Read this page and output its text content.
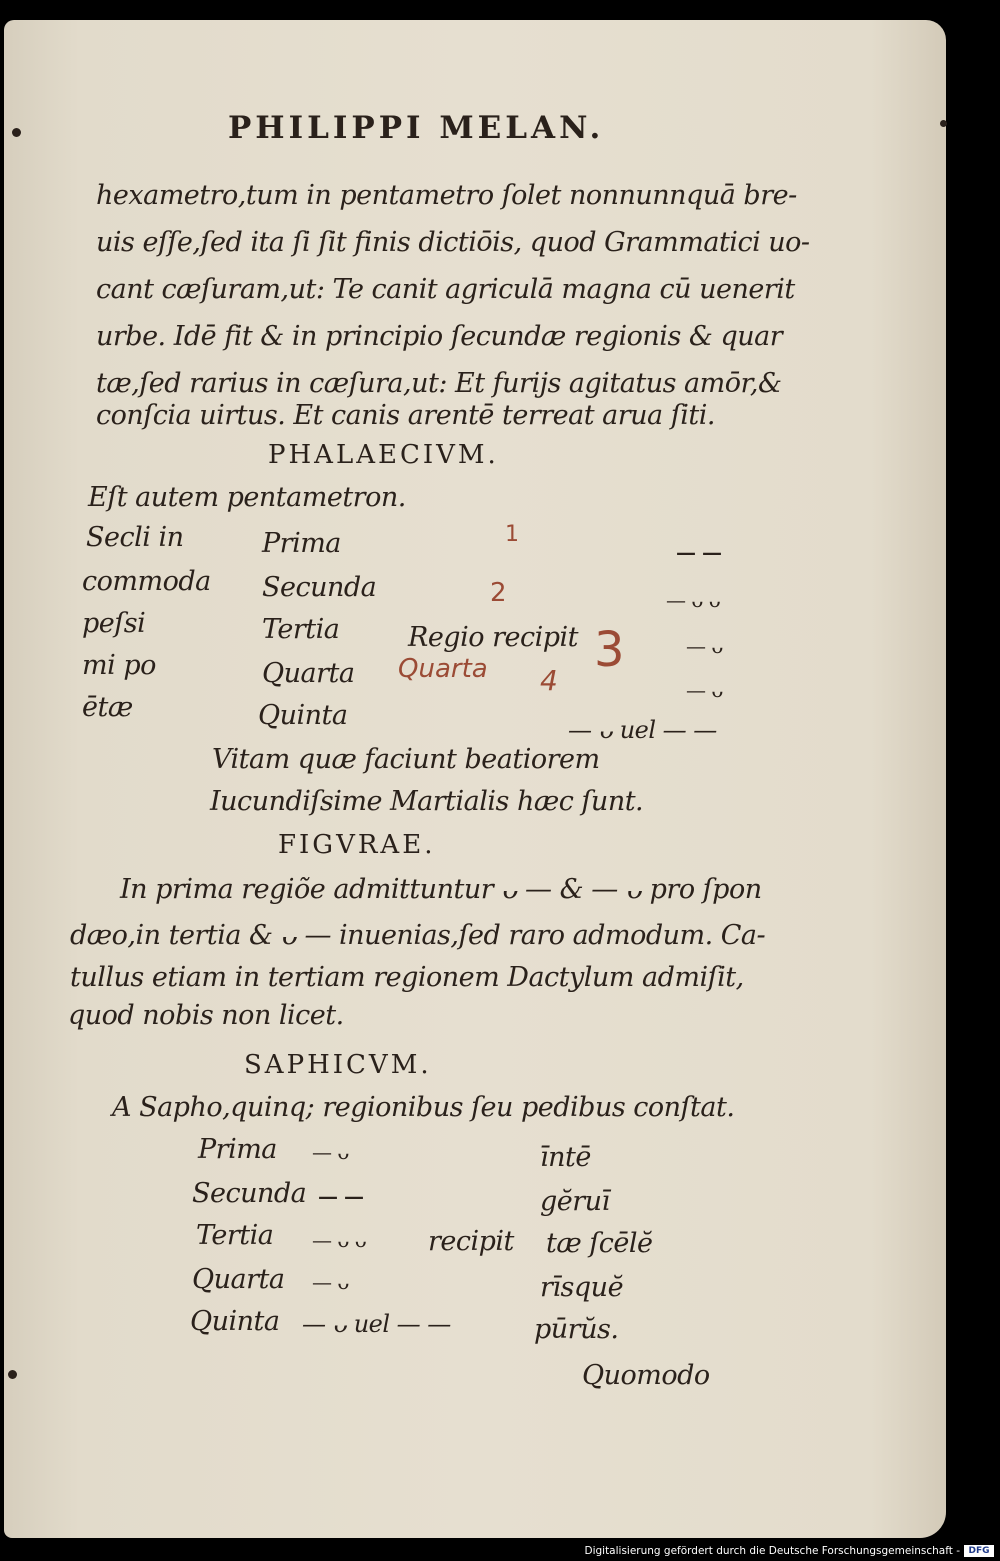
PHILIPPI MELAN.
hexametro,tum in pentametro ſolet nonnunnquā bre-
uis eſſe,ſed ita ſi ſit finis dictiōis, quod Grammatici uo-
cant cæſuram,ut: Te canit agriculā magna cū uenerit
urbe. Idē fit & in principio ſecundæ regionis & quar
tæ,ſed rarius in cæſura,ut: Et furijs agitatus amōr,&
conſcia uirtus. Et canis arentē terreat arua ſiti.
PHALAECIVM.
Eſt autem pentametron.
Secli in
commoda
peſsi
mi po
ētæ
Prima
Secunda
Tertia
Quarta
Quinta
Regio recipit
— —
— ᴗ ᴗ
— ᴗ
— ᴗ
— ᴗ uel — —
1
2
3
4
Quarta
Vitam quæ faciunt beatiorem
Iucundiſsime Martialis hæc ſunt.
FIGVRAE.
In prima regiõe admittuntur ᴗ — & — ᴗ pro ſpon
dæo,in tertia & ᴗ — inuenias,ſed raro admodum. Ca-
tullus etiam in tertiam regionem Dactylum admiſit,
quod nobis non licet.
SAPHICVM.
A Sapho,quinq; regionibus ſeu pedibus conſtat.
Prima
Secunda
Tertia
Quarta
Quinta
— ᴗ
— —
— ᴗ ᴗ
— ᴗ
— ᴗ uel — —
recipit
īntē
gĕruī
tæ ſcēlĕ
rīsquĕ
pūrŭs.
Quomodo
Digitalisierung gefördert durch die Deutsche Forschungsgemeinschaft - DFG
